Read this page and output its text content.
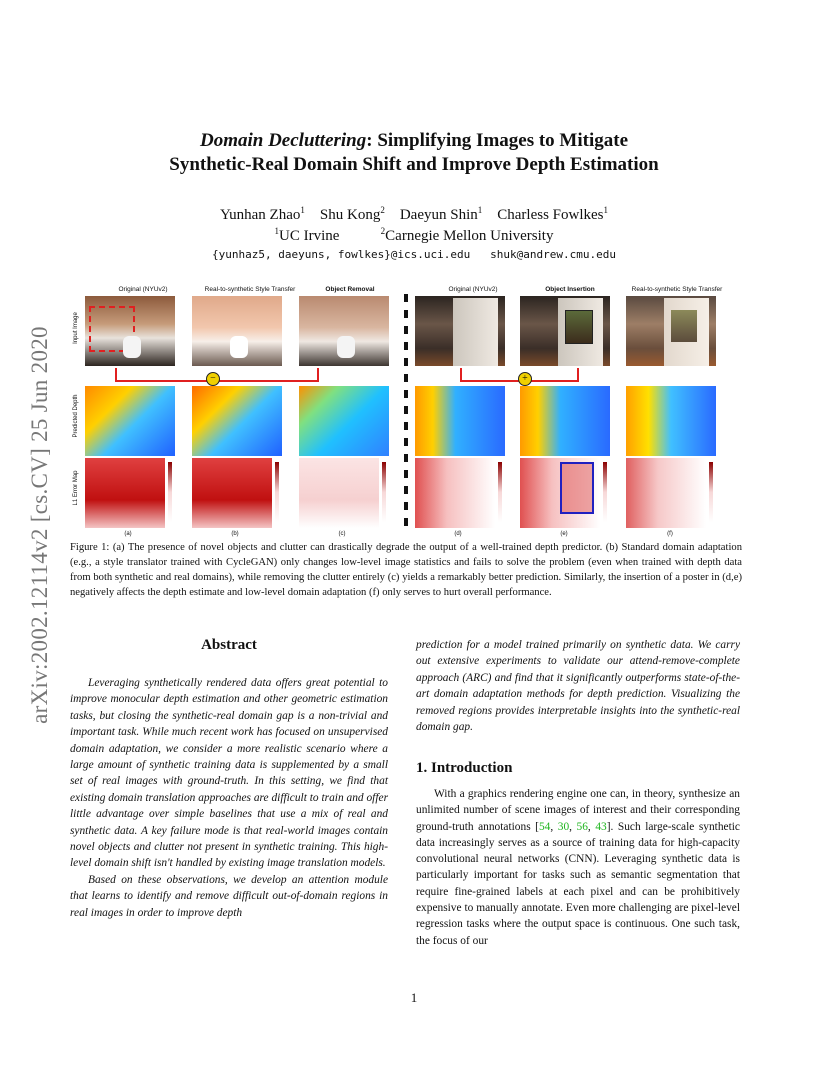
arXiv:2002.12114v2 [cs.CV] 25 Jun 2020
Domain Decluttering: Simplifying Images to Mitigate
Synthetic-Real Domain Shift and Improve Depth Estimation
Yunhan Zhao$^1$ Shu Kong$^2$ Daeyun Shin$^1$ Charless Fowlkes$^1$
$^1$UC Irvine	$^2$Carnegie Mellon University
{yunhaz5, daeyuns, fowlkes}@ics.uci.edu   shuk@andrew.cmu.edu
Original (NYUv2)	Real-to-synthetic Style Transfer	Object Removal	Original (NYUv2)	Object Insertion	Real-to-synthetic Style Transfer
Input Image
Predicted Depth
L1 Error Map
−	+
(a)	(b)	(c)	(d)	(e)	(f)
Figure 1: (a) The presence of novel objects and clutter can drastically degrade the output of a well-trained depth predictor. (b) Standard domain adaptation (e.g., a style translator trained with CycleGAN) only changes low-level image statistics and fails to solve the problem (even when trained with depth data from both synthetic and real domains), while removing the clutter entirely (c) yields a remarkably better prediction. Similarly, the insertion of a poster in (d,e) negatively affects the depth estimate and low-level domain adaptation (f) only serves to hurt overall performance.
Abstract

Leveraging synthetically rendered data offers great potential to improve monocular depth estimation and other geometric estimation tasks, but closing the synthetic-real domain gap is a non-trivial and important task. While much recent work has focused on unsupervised domain adaptation, we consider a more realistic scenario where a large amount of synthetic training data is supplemented by a small set of real images with ground-truth. In this setting, we find that existing domain translation approaches are difficult to train and offer little advantage over simple baselines that use a mix of real and synthetic data. A key failure mode is that real-world images contain novel objects and clutter not present in synthetic training. This high-level domain shift isn't handled by existing image translation models.

Based on these observations, we develop an attention module that learns to identify and remove difficult out-of-domain regions in real images in order to improve depth

prediction for a model trained primarily on synthetic data. We carry out extensive experiments to validate our attend-remove-complete approach (ARC) and find that it significantly outperforms state-of-the-art domain adaptation methods for depth prediction. Visualizing the removed regions provides interpretable insights into the synthetic-real domain gap.

1. Introduction

With a graphics rendering engine one can, in theory, synthesize an unlimited number of scene images of interest and their corresponding ground-truth annotations [54, 30, 56, 43]. Such large-scale synthetic data increasingly serves as a source of training data for high-capacity convolutional neural networks (CNN). Leveraging synthetic data is particularly important for tasks such as semantic segmentation that require fine-grained labels at each pixel and can be prohibitively expensive to manually annotate. Even more challenging are pixel-level regression tasks where the output space is continuous. One such task, the focus of our

1
